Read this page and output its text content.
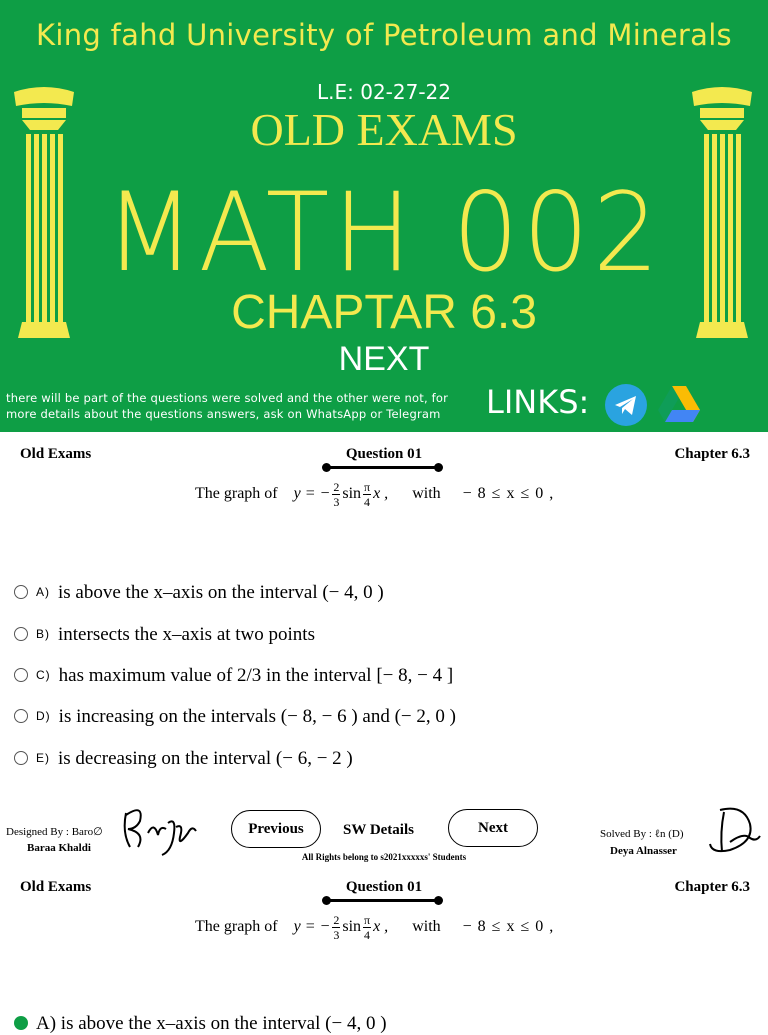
King fahd University of Petroleum and Minerals
L.E: 02-27-22
OLD EXAMS
MATH 002
CHAPTAR 6.3
NEXT
there will be part of the questions were solved and the other were not, for more details about the questions answers, ask on WhatsApp or Telegram	LINKS:
Old Exams	Question 01	Chapter 6.3
The graph of y = − $\frac{2}{3}$ $\sin \frac{\pi}{4}$ x , with − 8 ≤ x ≤ 0 ,
A) is above the x–axis on the interval (− 4, 0 )
B) intersects the x–axis at two points
C) has maximum value of 2/3 in the interval [− 8, − 4 ]
D) is increasing on the intervals (− 8, − 6 ) and (− 2, 0 )
E) is decreasing on the interval (− 6, − 2 )
Designed By : Baro∅
Baraa Khaldi
Previous	SW Details	Next
All Rights belong to s2021xxxxxs' Students
Solved By : ℓn (D)
Deya Alnasser
Old Exams	Question 01	Chapter 6.3
The graph of y = − $\frac{2}{3}$ $\sin \frac{\pi}{4}$ x , with − 8 ≤ x ≤ 0 ,
A) is above the x–axis on the interval (− 4, 0 )
